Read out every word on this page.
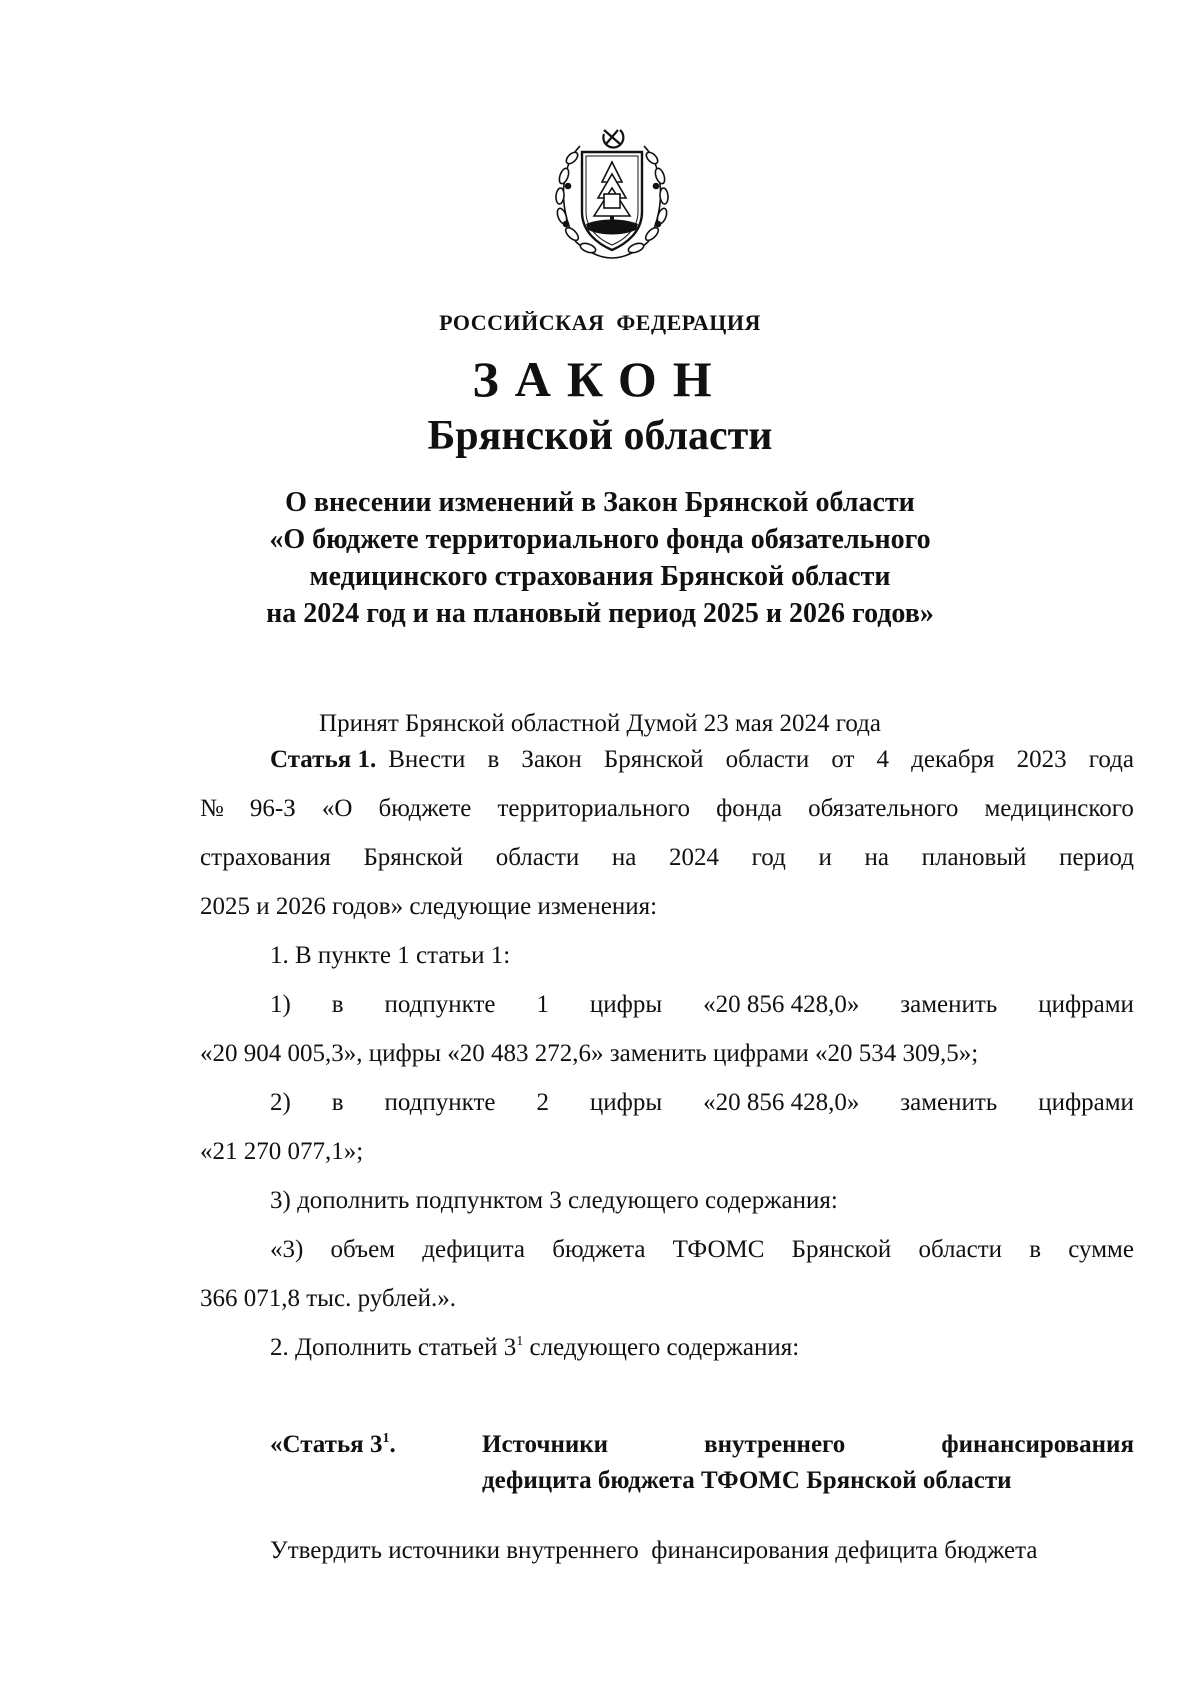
РОССИЙСКАЯ ФЕДЕРАЦИЯ
ЗАКОН
Брянской области
О внесении изменений в Закон Брянской области
«О бюджете территориального фонда обязательного
медицинского страхования Брянской области
на 2024 год и на плановый период 2025 и 2026 годов»
Принят Брянской областной Думой 23 мая 2024 года
Статья 1. Внести в Закон Брянской области от 4 декабря 2023 года
№ 96-З «О бюджете территориального фонда обязательного медицинского
страхования Брянской области на 2024 год и на плановый период
2025 и 2026 годов» следующие изменения:
1. В пункте 1 статьи 1:
1) в подпункте 1 цифры «20 856 428,0» заменить цифрами
«20 904 005,3», цифры «20 483 272,6» заменить цифрами «20 534 309,5»;
2) в подпункте 2 цифры «20 856 428,0» заменить цифрами
«21 270 077,1»;
3) дополнить подпунктом 3 следующего содержания:
«3) объем дефицита бюджета ТФОМС Брянской области в сумме
366 071,8 тыс. рублей.».
2. Дополнить статьей $3^1$ следующего содержания:
«Статья $3^1$.	Источники	внутреннего	финансирования
дефицита бюджета ТФОМС Брянской области
Утвердить источники внутреннего  финансирования дефицита бюджета
